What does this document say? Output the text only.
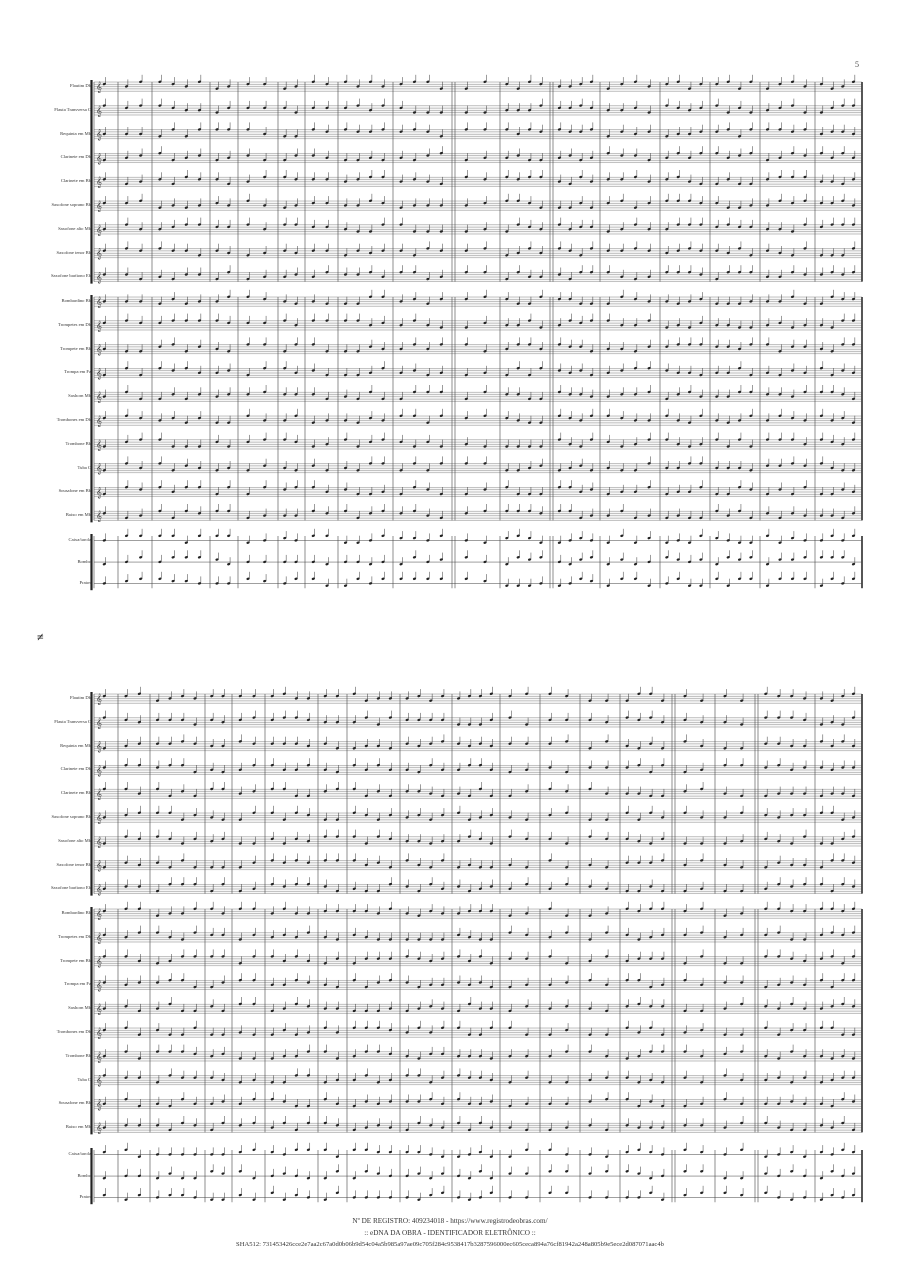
𝄞
𝄞
𝄞
𝄞
𝄞
𝄞
𝄞
𝄞
𝄞
𝄞
𝄞
𝄞
𝄞
𝄞
𝄞
𝄞
𝄞
𝄞
𝄞
𝄞
𝄞
𝄞
𝄞
𝄞
𝄞
𝄞
𝄞
𝄞
𝄞
𝄞
𝄞
𝄞
𝄞
𝄞
𝄞
𝄞
𝄞
𝄞
5
≠
Flautim Db
Flauta Transversa C
Requinta em Mb
Clarinete em Db
Clarinete em Bb
Saxofone soprano Bb
Saxofone alto Mb
Saxofone tenor Bb
Saxofone barítono Eb
Bombardino Bb
Trompetes em Db
Trompete em Bb
Trompa em Fa
Saxhorn Mb
Trombones em Db
Trombone Bb
Tuba C
Sousafone em Bb
Baixo em Mb
Caixa/tarola
Bombo
Pratos
Flautim Db
Flauta Transversa C
Requinta em Mb
Clarinete em Db
Clarinete em Bb
Saxofone soprano Bb
Saxofone alto Mb
Saxofone tenor Bb
Saxofone barítono Eb
Bombardino Bb
Trompetes em Db
Trompete em Bb
Trompa em Fa
Saxhorn Mb
Trombones em Db
Trombone Bb
Tuba C
Sousafone em Bb
Baixo em Mb
Caixa/tarola
Bombo
Pratos
Nº DE REGISTRO: 409234018 - https://www.registrodeobras.com/
:: eDNA DA OBRA - IDENTIFICADOR ELETRÔNICO ::
SHA512: 731453426cce2e7aa2c67a0d0b06b9d54c04a5b985a97ae09c705f284c9538417b3287596000ec605ceca894a76cf81942a248a805b9e5ece2d087071aac4b
